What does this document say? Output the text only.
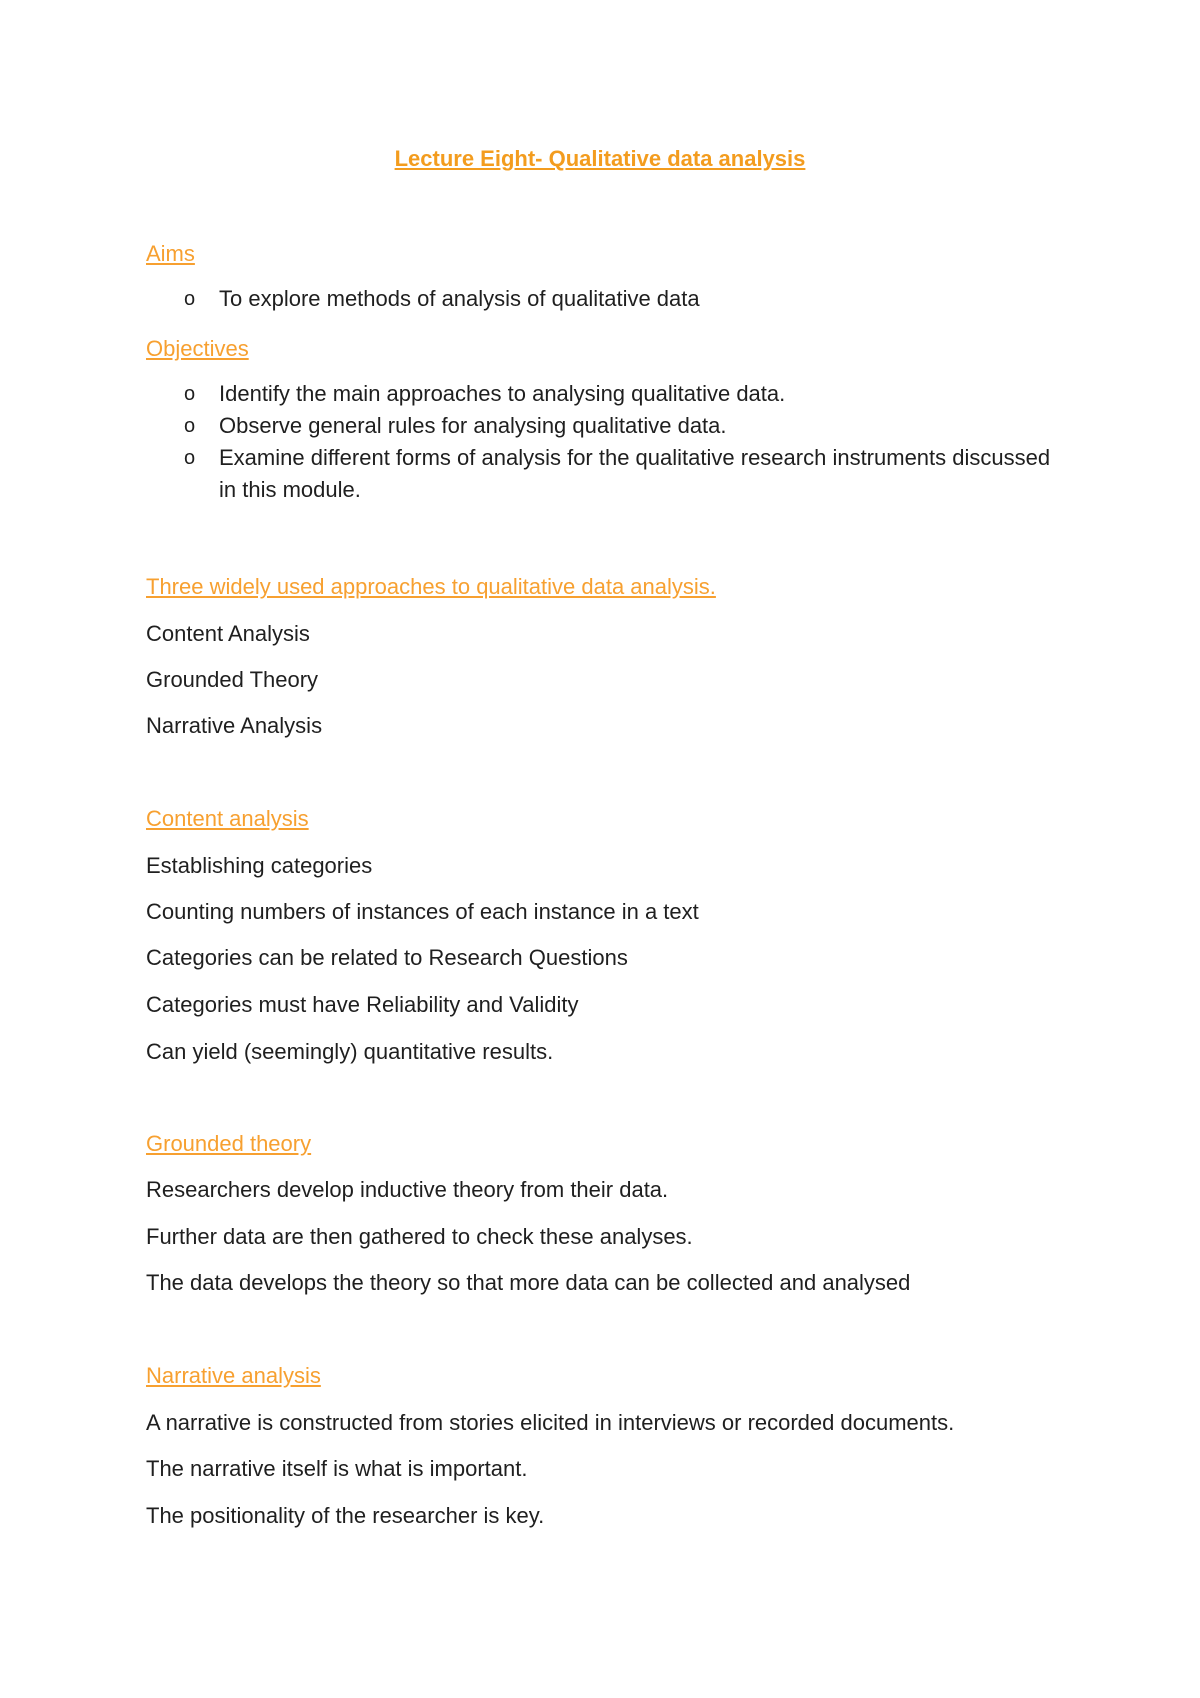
Lecture Eight- Qualitative data analysis
Aims
o To explore methods of analysis of qualitative data
Objectives
o Identify the main approaches to analysing qualitative data.
o Observe general rules for analysing qualitative data.
o Examine different forms of analysis for the qualitative research instruments discussed in this module.
Three widely used approaches to qualitative data analysis.

Content Analysis

Grounded Theory

Narrative Analysis

Content analysis

Establishing categories

Counting numbers of instances of each instance in a text

Categories can be related to Research Questions

Categories must have Reliability and Validity

Can yield (seemingly) quantitative results.

Grounded theory

Researchers develop inductive theory from their data.

Further data are then gathered to check these analyses.

The data develops the theory so that more data can be collected and analysed

Narrative analysis

A narrative is constructed from stories elicited in interviews or recorded documents.

The narrative itself is what is important.

The positionality of the researcher is key.
